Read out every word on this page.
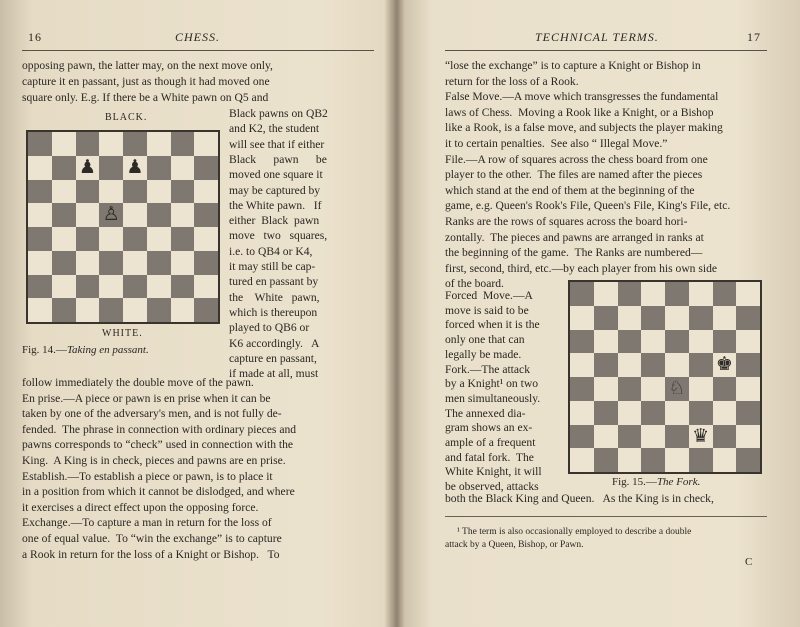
16	CHESS.
opposing pawn, the latter may, on the next move only,
capture it en passant, just as though it had moved one
square only. E.g. If there be a White pawn on Q5 and
BLACK.
♟ ♟
♙
WHITE.
Fig. 14.—Taking en passant.
Black pawns on QB2
and K2, the student
will see that if either
Black      pawn      be
moved one square it
may be captured by
the White pawn.   If
either  Black  pawn
move   two   squares,
i.e. to QB4 or K4,
it may still be cap-
tured en passant by
the    White   pawn,
which is thereupon
played to QB6 or
K6 accordingly.   A
capture en passant,
if made at all, must
follow immediately the double move of the pawn.
En prise.—A piece or pawn is en prise when it can be
taken by one of the adversary's men, and is not fully de-
fended.  The phrase in connection with ordinary pieces and
pawns corresponds to “check” used in connection with the
King.  A King is in check, pieces and pawns are en prise.
Establish.—To establish a piece or pawn, is to place it
in a position from which it cannot be dislodged, and where
it exercises a direct effect upon the opposing force.
Exchange.—To capture a man in return for the loss of
one of equal value.  To “win the exchange” is to capture
a Rook in return for the loss of a Knight or Bishop.   To
TECHNICAL TERMS.	17
“lose the exchange” is to capture a Knight or Bishop in
return for the loss of a Rook.
False Move.—A move which transgresses the fundamental
laws of Chess.  Moving a Rook like a Knight, or a Bishop
like a Rook, is a false move, and subjects the player making
it to certain penalties.  See also “ Illegal Move.”
File.—A row of squares across the chess board from one
player to the other.  The files are named after the pieces
which stand at the end of them at the beginning of the
game, e.g. Queen's Rook's File, Queen's File, King's File, etc.
Ranks are the rows of squares across the board hori-
zontally.  The pieces and pawns are arranged in ranks at
the beginning of the game.  The Ranks are numbered—
first, second, third, etc.—by each player from his own side
of the board.
♚
♘
♛
Fig. 15.—The Fork.
Forced  Move.—A
move is said to be
forced when it is the
only one that can
legally be made.
Fork.—The attack
by a Knight¹ on two
men simultaneously.
The annexed dia-
gram shows an ex-
ample of a frequent
and fatal fork.  The
White Knight, it will
be observed, attacks
both the Black King and Queen.   As the King is in check,
¹ The term is also occasionally employed to describe a double
attack by a Queen, Bishop, or Pawn.
C
